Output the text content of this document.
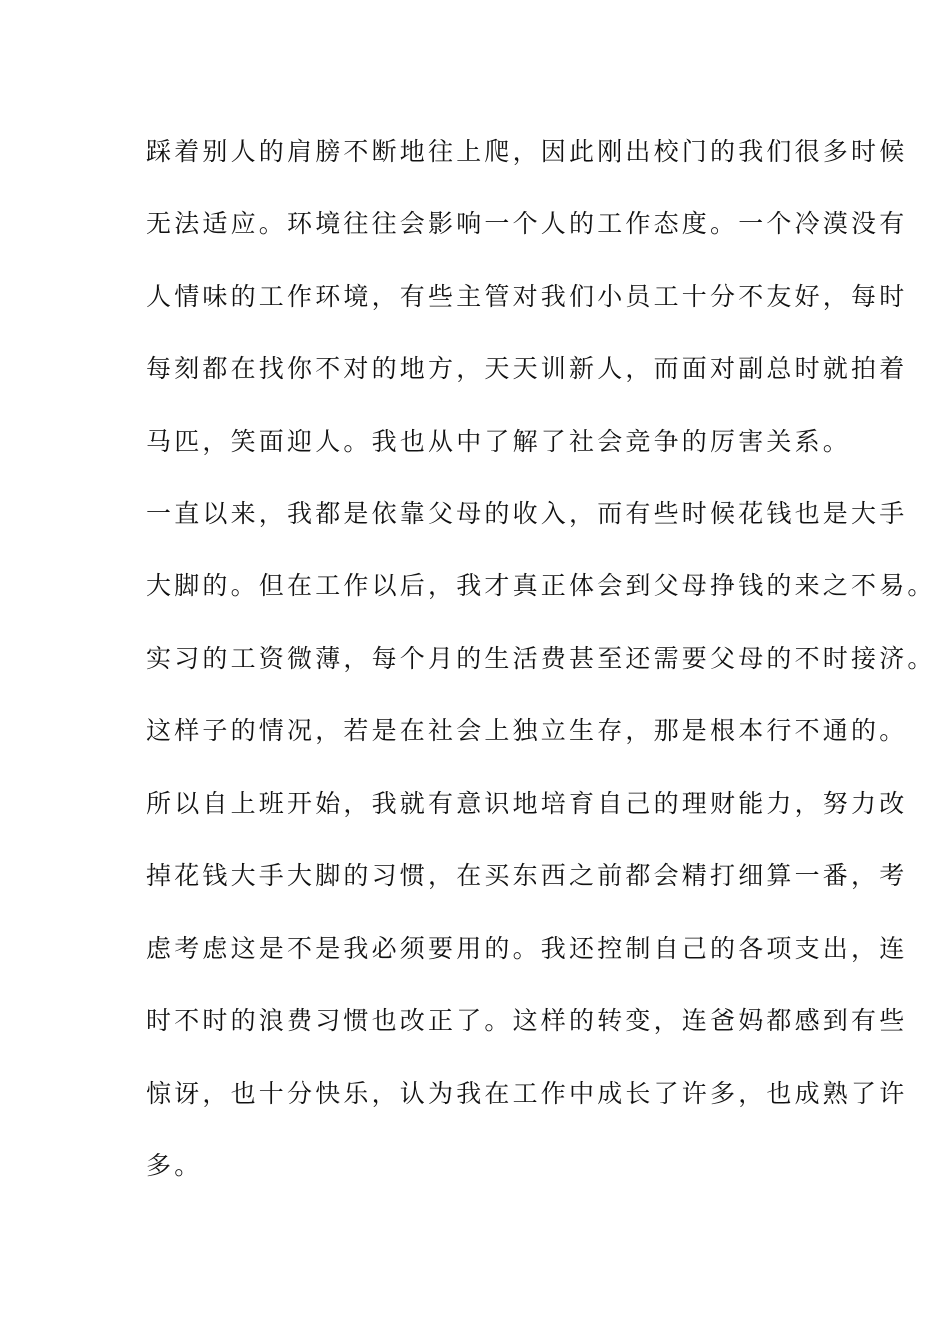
踩着别人的肩膀不断地往上爬，因此刚出校门的我们很多时候
无法适应。环境往往会影响一个人的工作态度。一个冷漠没有
人情味的工作环境，有些主管对我们小员工十分不友好，每时
每刻都在找你不对的地方，天天训新人，而面对副总时就拍着
马匹，笑面迎人。我也从中了解了社会竞争的厉害关系。
一直以来，我都是依靠父母的收入，而有些时候花钱也是大手
大脚的。但在工作以后，我才真正体会到父母挣钱的来之不易。
实习的工资微薄，每个月的生活费甚至还需要父母的不时接济。
这样子的情况，若是在社会上独立生存，那是根本行不通的。
所以自上班开始，我就有意识地培育自己的理财能力，努力改
掉花钱大手大脚的习惯，在买东西之前都会精打细算一番，考
虑考虑这是不是我必须要用的。我还控制自己的各项支出，连
时不时的浪费习惯也改正了。这样的转变，连爸妈都感到有些
惊讶，也十分快乐，认为我在工作中成长了许多，也成熟了许
多。
